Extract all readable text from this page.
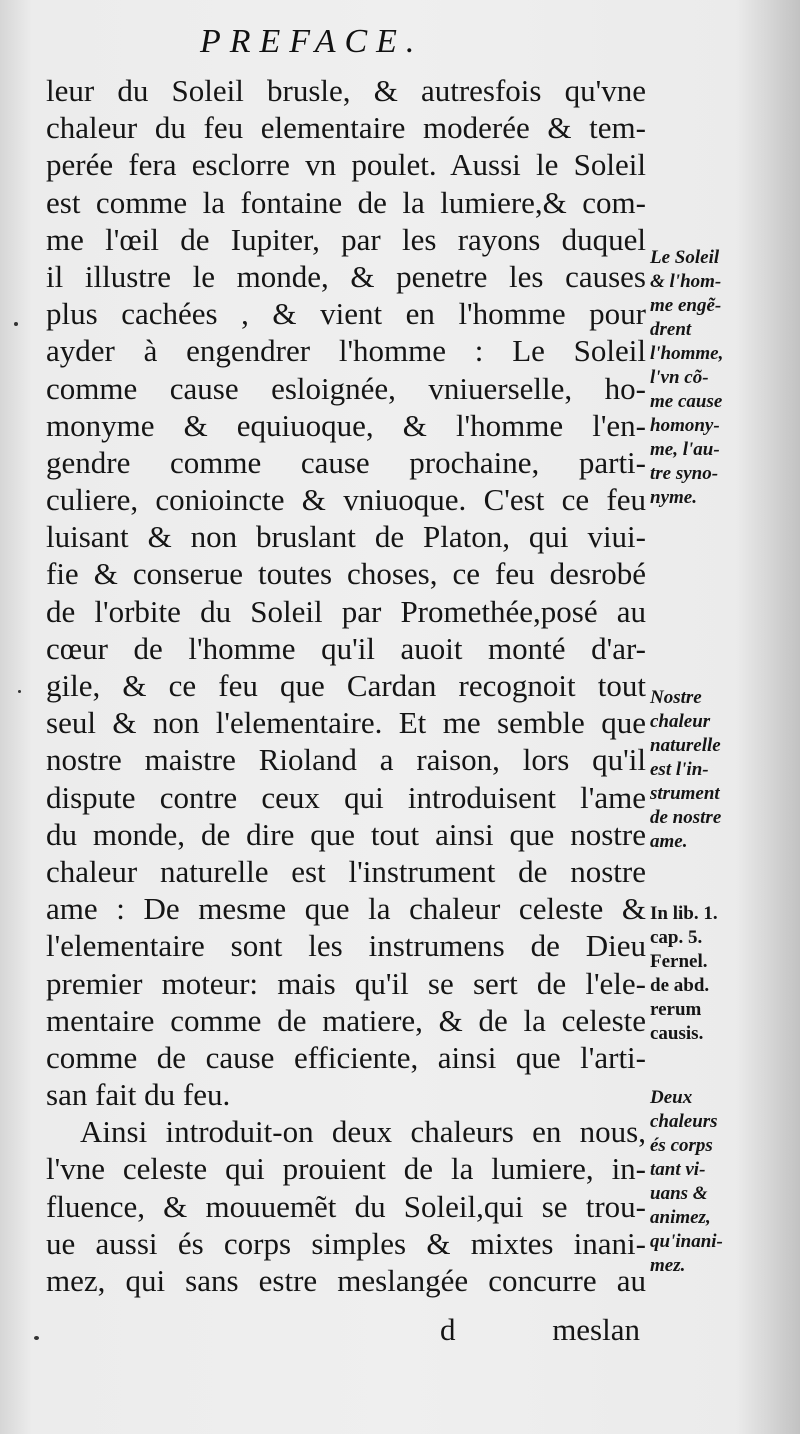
PREFACE.
leur du Soleil brusle, & autresfois qu'vne
chaleur du feu elementaire moderée & tem-
perée fera esclorre vn poulet. Aussi le Soleil
est comme la fontaine de la lumiere,& com-
me l'œil de Iupiter, par les rayons duquel
il illustre le monde, & penetre les causes
plus cachées , & vient en l'homme pour
ayder à engendrer l'homme : Le Soleil
comme cause esloignée, vniuerselle, ho-
monyme & equiuoque, & l'homme l'en-
gendre comme cause prochaine, parti-
culiere, conioincte & vniuoque. C'est ce feu
luisant & non bruslant de Platon, qui viui-
fie & conserue toutes choses, ce feu desrobé
de l'orbite du Soleil par Promethée,posé au
cœur de l'homme qu'il auoit monté d'ar-
gile, & ce feu que Cardan recognoit tout
seul & non l'elementaire. Et me semble que
nostre maistre Rioland a raison, lors qu'il
dispute contre ceux qui introduisent l'ame
du monde, de dire que tout ainsi que nostre
chaleur naturelle est l'instrument de nostre
ame : De mesme que la chaleur celeste &
l'elementaire sont les instrumens de Dieu
premier moteur: mais qu'il se sert de l'ele-
mentaire comme de matiere, & de la celeste
comme de cause efficiente, ainsi que l'arti-
san fait du feu.
Ainsi introduit-on deux chaleurs en nous,
l'vne celeste qui prouient de la lumiere, in-
fluence, & mouuemẽt du Soleil,qui se trou-
ue aussi és corps simples & mixtes inani-
mez, qui sans estre meslangée concurre au
Le Soleil
& l'hom-
me engẽ-
drent
l'homme,
l'vn cõ-
me cause
homony-
me, l'au-
tre syno-
nyme.
Nostre
chaleur
naturelle
est l'in-
strument
de nostre
ame.
In lib. 1.
cap. 5.
Fernel.
de abd.
rerum
causis.
Deux
chaleurs
és corps
tant vi-
uans &
animez,
qu'inani-
mez.
d	meslan
